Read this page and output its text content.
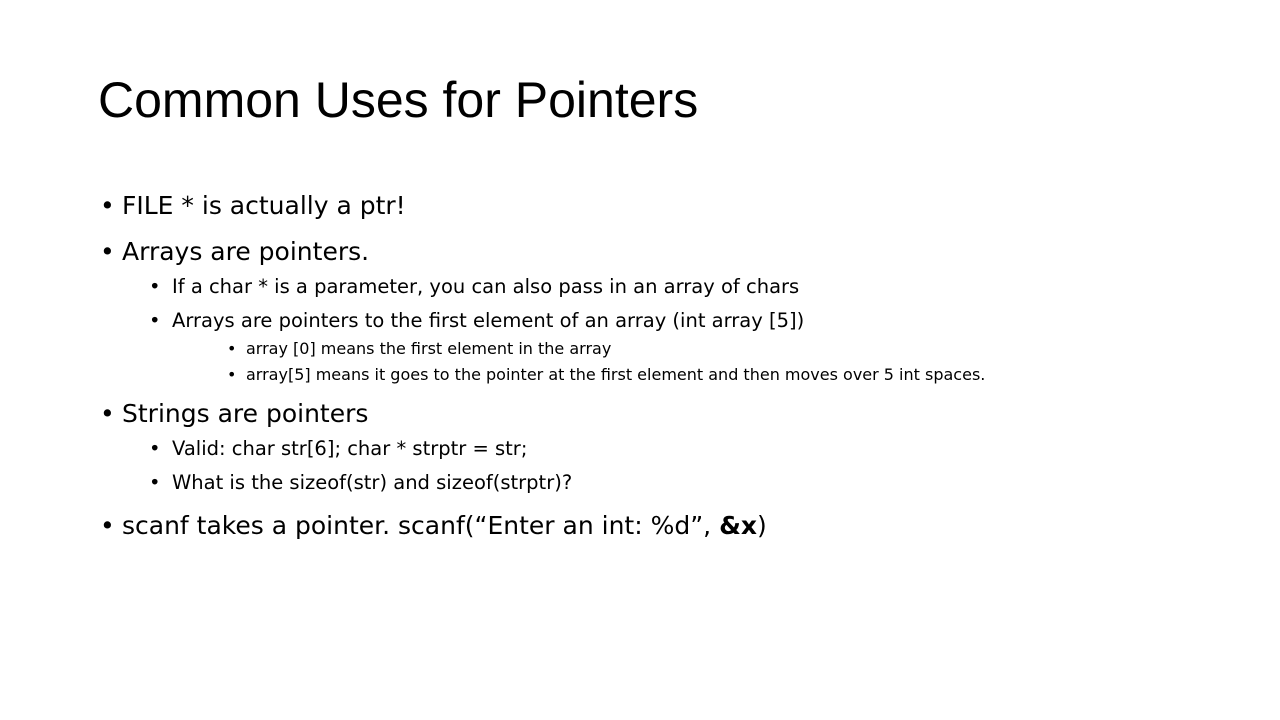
Common Uses for Pointers
• FILE * is actually a ptr!
• Arrays are pointers.
• If a char * is a parameter, you can also pass in an array of chars
• Arrays are pointers to the first element of an array (int array [5])
• array [0] means the first element in the array
• array[5] means it goes to the pointer at the first element and then moves over 5 int spaces.
• Strings are pointers
• Valid: char str[6]; char * strptr = str;
• What is the sizeof(str) and sizeof(strptr)?
• scanf takes a pointer. scanf(“Enter an int: %d”, &x)
